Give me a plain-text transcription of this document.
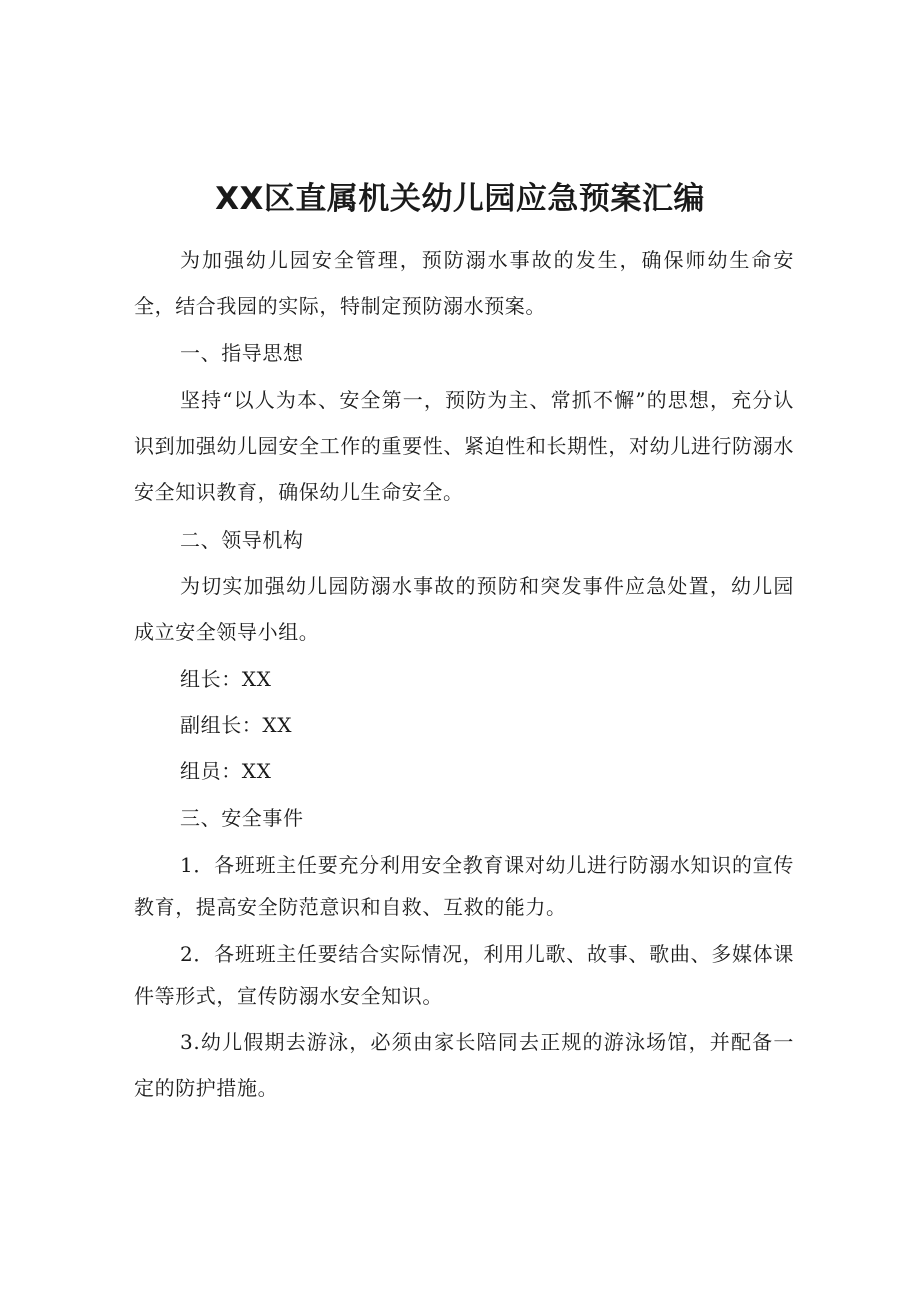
XX区直属机关幼儿园应急预案汇编

为加强幼儿园安全管理，预防溺水事故的发生，确保师幼生命安全，结合我园的实际，特制定预防溺水预案。

一、指导思想

坚持“以人为本、安全第一，预防为主、常抓不懈”的思想，充分认识到加强幼儿园安全工作的重要性、紧迫性和长期性，对幼儿进行防溺水安全知识教育，确保幼儿生命安全。

二、领导机构

为切实加强幼儿园防溺水事故的预防和突发事件应急处置，幼儿园成立安全领导小组。

组长：XX

副组长：XX

组员：XX

三、安全事件

1．各班班主任要充分利用安全教育课对幼儿进行防溺水知识的宣传教育，提高安全防范意识和自救、互救的能力。

2．各班班主任要结合实际情况，利用儿歌、故事、歌曲、多媒体课件等形式，宣传防溺水安全知识。

3.幼儿假期去游泳，必须由家长陪同去正规的游泳场馆，并配备一定的防护措施。
